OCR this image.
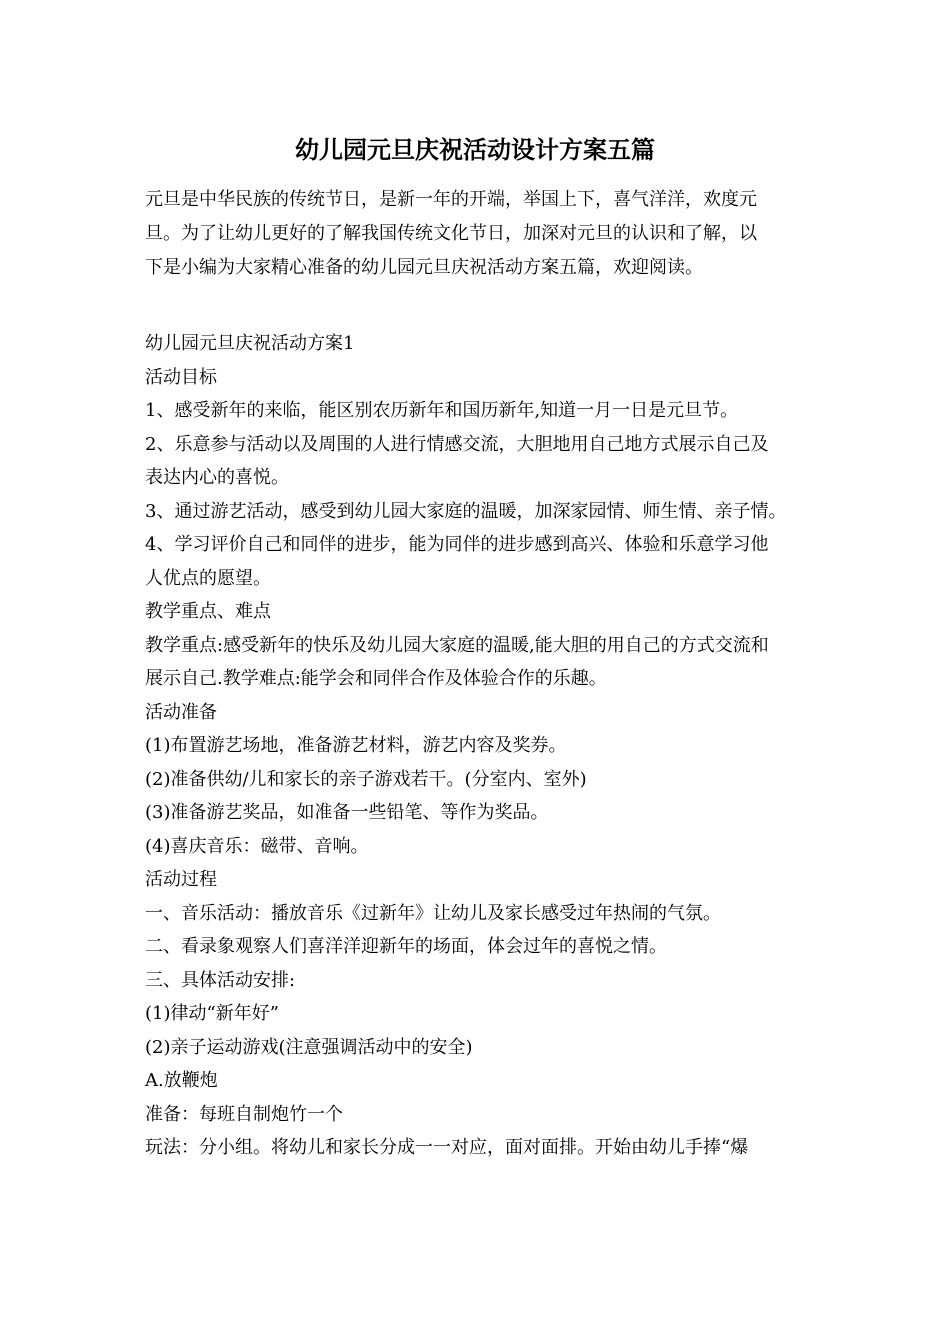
幼儿园元旦庆祝活动设计方案五篇
元旦是中华民族的传统节日，是新一年的开端，举国上下，喜气洋洋，欢度元
旦。为了让幼儿更好的了解我国传统文化节日，加深对元旦的认识和了解，以
下是小编为大家精心准备的幼儿园元旦庆祝活动方案五篇，欢迎阅读。
幼儿园元旦庆祝活动方案1
活动目标
1、感受新年的来临，能区别农历新年和国历新年,知道一月一日是元旦节。
2、乐意参与活动以及周围的人进行情感交流，大胆地用自己地方式展示自己及
表达内心的喜悦。
3、通过游艺活动，感受到幼儿园大家庭的温暖，加深家园情、师生情、亲子情。
4、学习评价自己和同伴的进步，能为同伴的进步感到高兴、体验和乐意学习他
人优点的愿望。
教学重点、难点
教学重点:感受新年的快乐及幼儿园大家庭的温暖,能大胆的用自己的方式交流和
展示自己.教学难点:能学会和同伴合作及体验合作的乐趣。
活动准备
(1)布置游艺场地，准备游艺材料，游艺内容及奖券。
(2)准备供幼/儿和家长的亲子游戏若干。(分室内、室外)
(3)准备游艺奖品，如准备一些铅笔、等作为奖品。
(4)喜庆音乐：磁带、音响。
活动过程
一、音乐活动：播放音乐《过新年》让幼儿及家长感受过年热闹的气氛。
二、看录象观察人们喜洋洋迎新年的场面，体会过年的喜悦之情。
三、具体活动安排:
(1)律动“新年好”
(2)亲子运动游戏(注意强调活动中的安全)
A.放鞭炮
准备：每班自制炮竹一个
玩法：分小组。将幼儿和家长分成一一对应，面对面排。开始由幼儿手捧“爆
